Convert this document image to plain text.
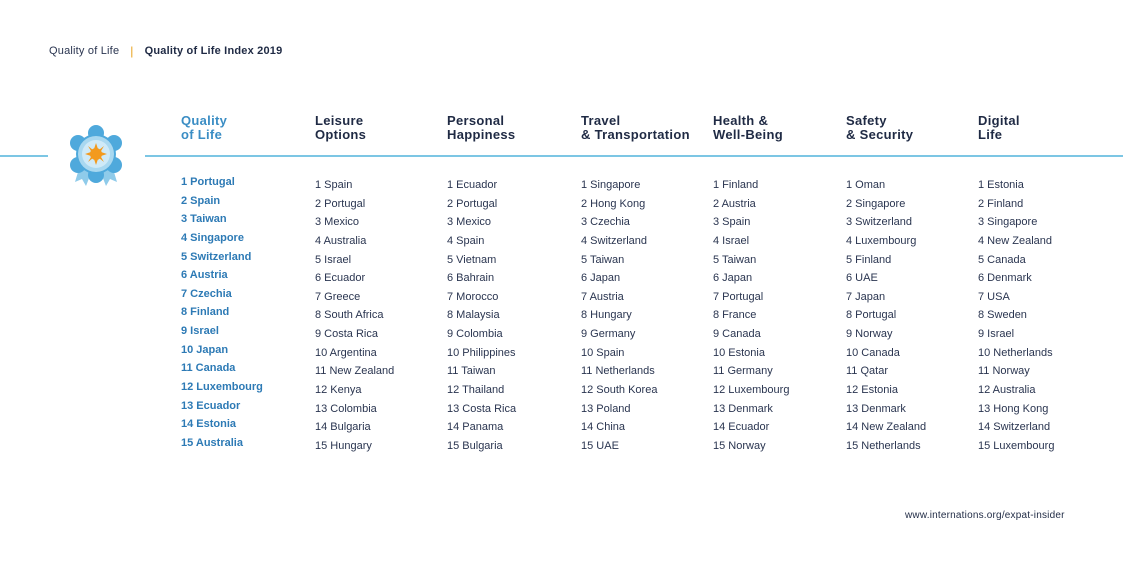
Quality of Life | Quality of Life Index 2019
Quality
of Life
1 Portugal
2 Spain
3 Taiwan
4 Singapore
5 Switzerland
6 Austria
7 Czechia
8 Finland
9 Israel
10 Japan
11 Canada
12 Luxembourg
13 Ecuador
14 Estonia
15 Australia
Leisure
Options
1 Spain
2 Portugal
3 Mexico
4 Australia
5 Israel
6 Ecuador
7 Greece
8 South Africa
9 Costa Rica
10 Argentina
11 New Zealand
12 Kenya
13 Colombia
14 Bulgaria
15 Hungary
Personal
Happiness
1 Ecuador
2 Portugal
3 Mexico
4 Spain
5 Vietnam
6 Bahrain
7 Morocco
8 Malaysia
9 Colombia
10 Philippines
11 Taiwan
12 Thailand
13 Costa Rica
14 Panama
15 Bulgaria
Travel
& Transportation
1 Singapore
2 Hong Kong
3 Czechia
4 Switzerland
5 Taiwan
6 Japan
7 Austria
8 Hungary
9 Germany
10 Spain
11 Netherlands
12 South Korea
13 Poland
14 China
15 UAE
Health &
Well-Being
1 Finland
2 Austria
3 Spain
4 Israel
5 Taiwan
6 Japan
7 Portugal
8 France
9 Canada
10 Estonia
11 Germany
12 Luxembourg
13 Denmark
14 Ecuador
15 Norway
Safety
& Security
1 Oman
2 Singapore
3 Switzerland
4 Luxembourg
5 Finland
6 UAE
7 Japan
8 Portugal
9 Norway
10 Canada
11 Qatar
12 Estonia
13 Denmark
14 New Zealand
15 Netherlands
Digital
Life
1 Estonia
2 Finland
3 Singapore
4 New Zealand
5 Canada
6 Denmark
7 USA
8 Sweden
9 Israel
10 Netherlands
11 Norway
12 Australia
13 Hong Kong
14 Switzerland
15 Luxembourg
www.internations.org/expat-insider
